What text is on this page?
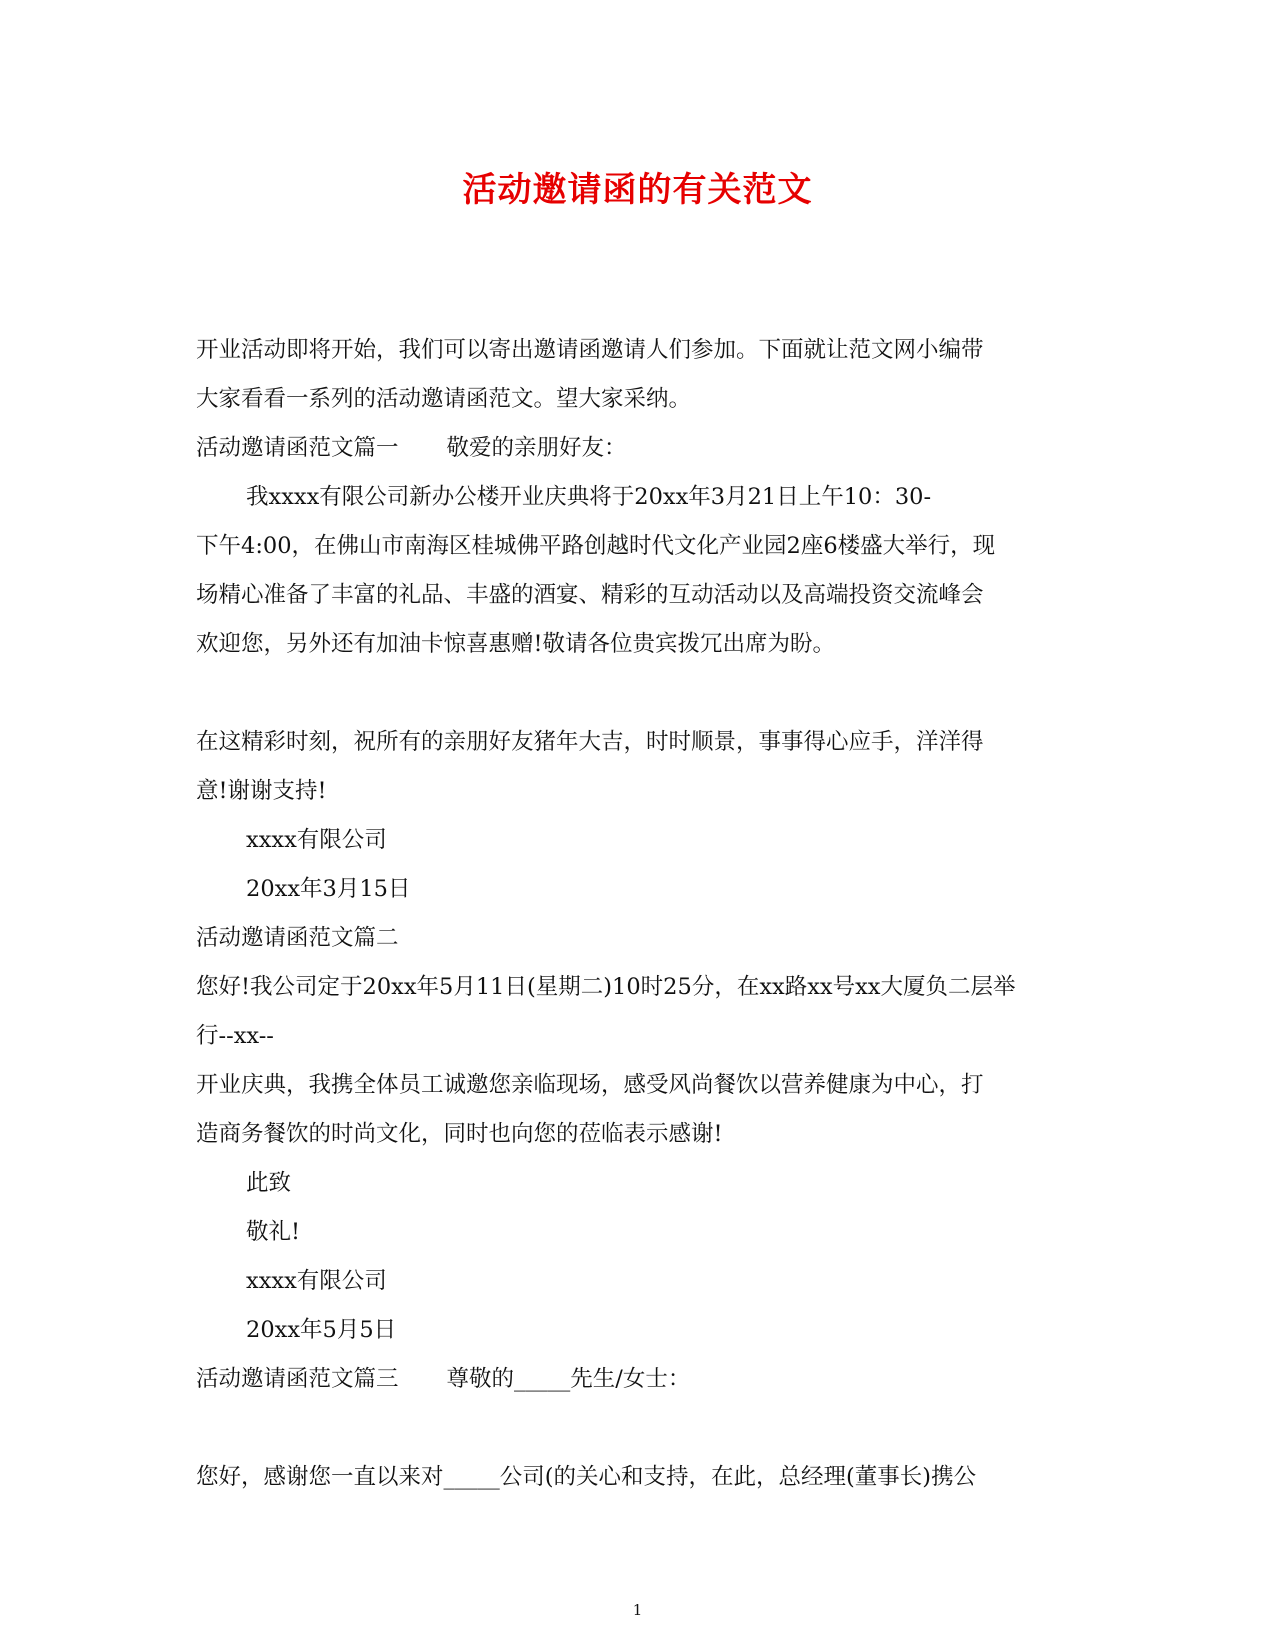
活动邀请函的有关范文

开业活动即将开始，我们可以寄出邀请函邀请人们参加。下面就让范文网小编带

大家看看一系列的活动邀请函范文。望大家采纳。

活动邀请函范文篇一 敬爱的亲朋好友：

我xxxx有限公司新办公楼开业庆典将于20xx年3月21日上午10：30-

下午4:00，在佛山市南海区桂城佛平路创越时代文化产业园2座6楼盛大举行，现

场精心准备了丰富的礼品、丰盛的酒宴、精彩的互动活动以及高端投资交流峰会

欢迎您，另外还有加油卡惊喜惠赠!敬请各位贵宾拨冗出席为盼。

在这精彩时刻，祝所有的亲朋好友猪年大吉，时时顺景，事事得心应手，洋洋得

意!谢谢支持!

xxxx有限公司

20xx年3月15日

活动邀请函范文篇二

您好!我公司定于20xx年5月11日(星期二)10时25分，在xx路xx号xx大厦负二层举

行--xx--

开业庆典，我携全体员工诚邀您亲临现场，感受风尚餐饮以营养健康为中心，打

造商务餐饮的时尚文化，同时也向您的莅临表示感谢!

此致

敬礼!

xxxx有限公司

20xx年5月5日

活动邀请函范文篇三 尊敬的_____先生/女士：

您好，感谢您一直以来对_____公司(的关心和支持，在此，总经理(董事长)携公

1
